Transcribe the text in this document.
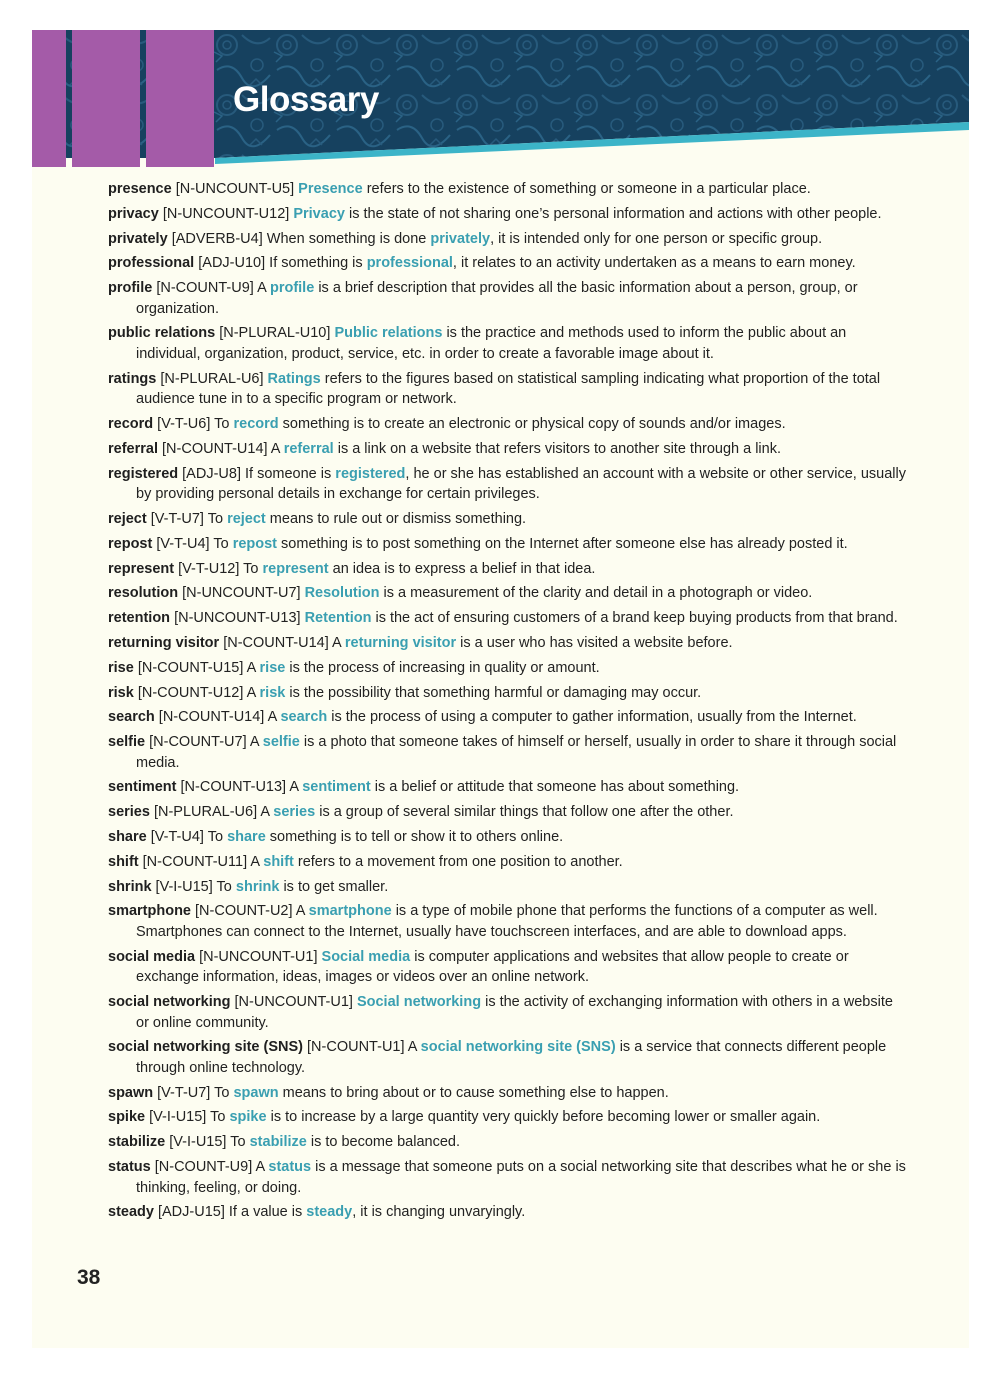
Glossary

presence [N-UNCOUNT-U5] Presence refers to the existence of something or someone in a particular place.

privacy [N-UNCOUNT-U12] Privacy is the state of not sharing one’s personal information and actions with other people.

privately [ADVERB-U4] When something is done privately, it is intended only for one person or specific group.

professional [ADJ-U10] If something is professional, it relates to an activity undertaken as a means to earn money.

profile [N-COUNT-U9] A profile is a brief description that provides all the basic information about a person, group, or organization.

public relations [N-PLURAL-U10] Public relations is the practice and methods used to inform the public about an individual, organization, product, service, etc. in order to create a favorable image about it.

ratings [N-PLURAL-U6] Ratings refers to the figures based on statistical sampling indicating what proportion of the total audience tune in to a specific program or network.

record [V-T-U6] To record something is to create an electronic or physical copy of sounds and/or images.

referral [N-COUNT-U14] A referral is a link on a website that refers visitors to another site through a link.

registered [ADJ-U8] If someone is registered, he or she has established an account with a website or other service, usually by providing personal details in exchange for certain privileges.

reject [V-T-U7] To reject means to rule out or dismiss something.

repost [V-T-U4] To repost something is to post something on the Internet after someone else has already posted it.

represent [V-T-U12] To represent an idea is to express a belief in that idea.

resolution [N-UNCOUNT-U7] Resolution is a measurement of the clarity and detail in a photograph or video.

retention [N-UNCOUNT-U13] Retention is the act of ensuring customers of a brand keep buying products from that brand.

returning visitor [N-COUNT-U14] A returning visitor is a user who has visited a website before.

rise [N-COUNT-U15] A rise is the process of increasing in quality or amount.

risk [N-COUNT-U12] A risk is the possibility that something harmful or damaging may occur.

search [N-COUNT-U14] A search is the process of using a computer to gather information, usually from the Internet.

selfie [N-COUNT-U7] A selfie is a photo that someone takes of himself or herself, usually in order to share it through social media.

sentiment [N-COUNT-U13] A sentiment is a belief or attitude that someone has about something.

series [N-PLURAL-U6] A series is a group of several similar things that follow one after the other.

share [V-T-U4] To share something is to tell or show it to others online.

shift [N-COUNT-U11] A shift refers to a movement from one position to another.

shrink [V-I-U15] To shrink is to get smaller.

smartphone [N-COUNT-U2] A smartphone is a type of mobile phone that performs the functions of a computer as well. Smartphones can connect to the Internet, usually have touchscreen interfaces, and are able to download apps.

social media [N-UNCOUNT-U1] Social media is computer applications and websites that allow people to create or exchange information, ideas, images or videos over an online network.

social networking [N-UNCOUNT-U1] Social networking is the activity of exchanging information with others in a website or online community.

social networking site (SNS) [N-COUNT-U1] A social networking site (SNS) is a service that connects different people through online technology.

spawn [V-T-U7] To spawn means to bring about or to cause something else to happen.

spike [V-I-U15] To spike is to increase by a large quantity very quickly before becoming lower or smaller again.

stabilize [V-I-U15] To stabilize is to become balanced.

status [N-COUNT-U9] A status is a message that someone puts on a social networking site that describes what he or she is thinking, feeling, or doing.

steady [ADJ-U15] If a value is steady, it is changing unvaryingly.

38
